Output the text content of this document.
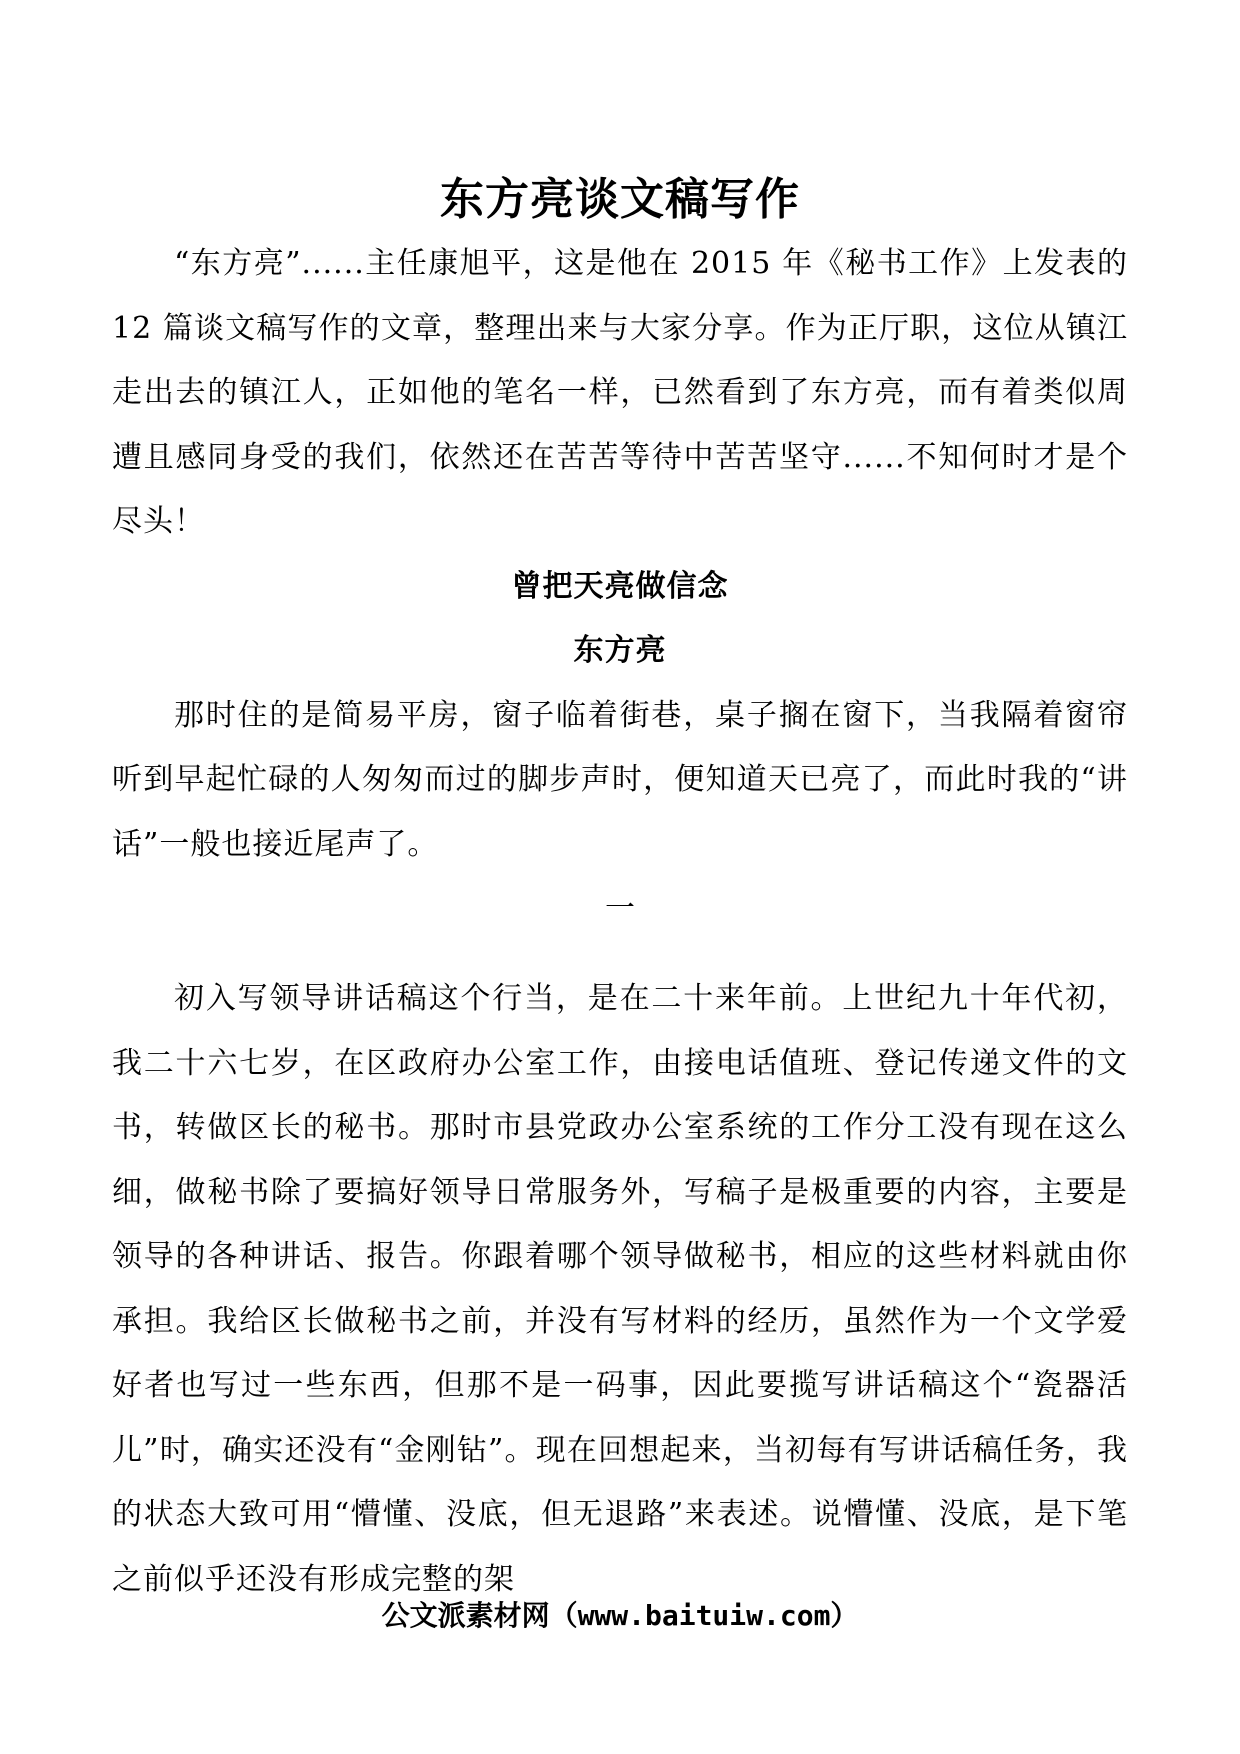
东方亮谈文稿写作

“东方亮”......主任康旭平，这是他在 2015 年《秘书工作》上发表的 12 篇谈文稿写作的文章，整理出来与大家分享。作为正厅职，这位从镇江走出去的镇江人，正如他的笔名一样，已然看到了东方亮，而有着类似周遭且感同身受的我们，依然还在苦苦等待中苦苦坚守......不知何时才是个尽头！

曾把天亮做信念

东方亮

那时住的是简易平房，窗子临着街巷，桌子搁在窗下，当我隔着窗帘听到早起忙碌的人匆匆而过的脚步声时，便知道天已亮了，而此时我的“讲话”一般也接近尾声了。

一

初入写领导讲话稿这个行当，是在二十来年前。上世纪九十年代初，我二十六七岁，在区政府办公室工作，由接电话值班、登记传递文件的文书，转做区长的秘书。那时市县党政办公室系统的工作分工没有现在这么细，做秘书除了要搞好领导日常服务外，写稿子是极重要的内容，主要是领导的各种讲话、报告。你跟着哪个领导做秘书，相应的这些材料就由你承担。我给区长做秘书之前，并没有写材料的经历，虽然作为一个文学爱好者也写过一些东西，但那不是一码事，因此要揽写讲话稿这个“瓷器活儿”时，确实还没有“金刚钻”。现在回想起来，当初每有写讲话稿任务，我的状态大致可用“懵懂、没底，但无退路”来表述。说懵懂、没底，是下笔之前似乎还没有形成完整的架

公文派素材网（www.baituiw.com）
